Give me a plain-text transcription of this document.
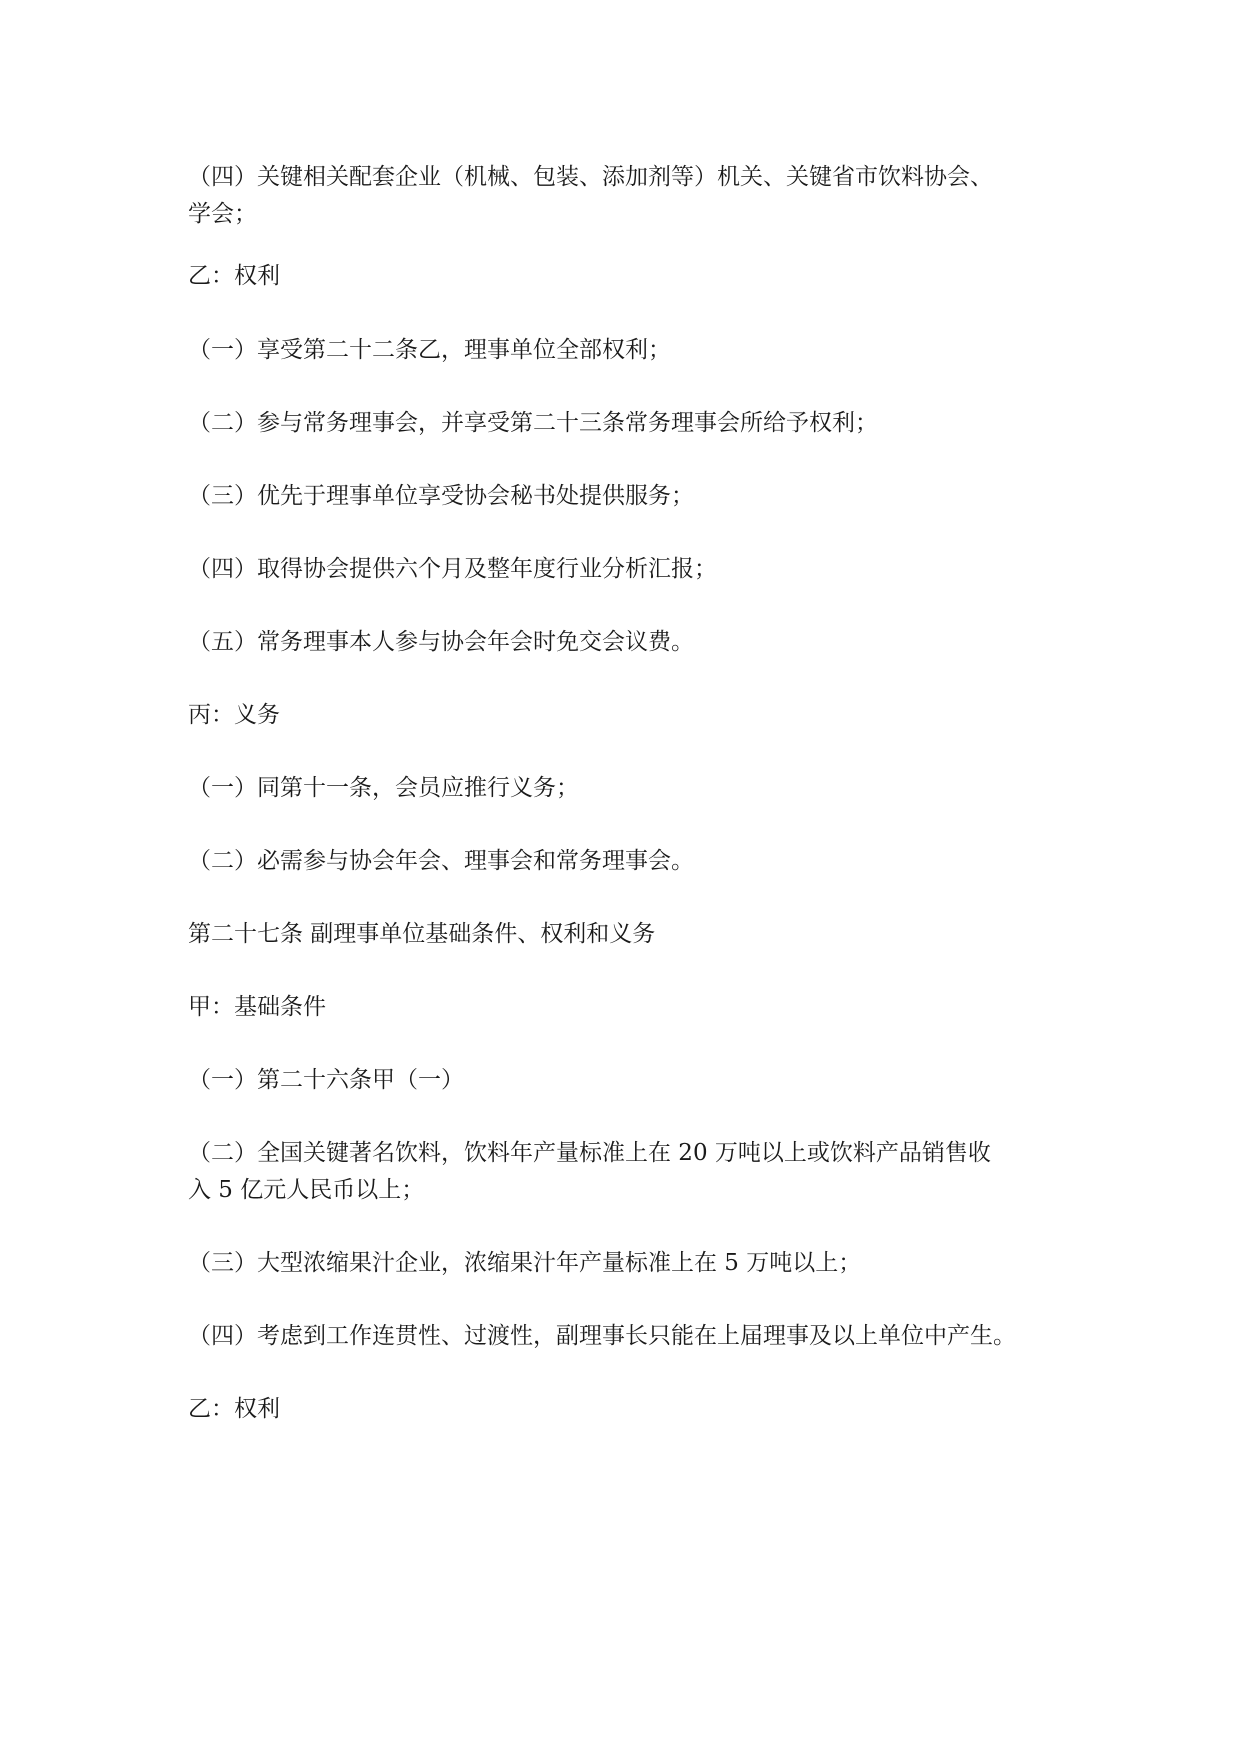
（四）关键相关配套企业（机械、包装、添加剂等）机关、关键省市饮料协会、
学会；
乙：权利
（一）享受第二十二条乙，理事单位全部权利；
（二）参与常务理事会，并享受第二十三条常务理事会所给予权利；
（三）优先于理事单位享受协会秘书处提供服务；
（四）取得协会提供六个月及整年度行业分析汇报；
（五）常务理事本人参与协会年会时免交会议费。
丙：义务
（一）同第十一条，会员应推行义务；
（二）必需参与协会年会、理事会和常务理事会。
第二十七条 副理事单位基础条件、权利和义务
甲：基础条件
（一）第二十六条甲（一）
（二）全国关键著名饮料，饮料年产量标准上在 20 万吨以上或饮料产品销售收
入 5 亿元人民币以上；
（三）大型浓缩果汁企业，浓缩果汁年产量标准上在 5 万吨以上；
（四）考虑到工作连贯性、过渡性，副理事长只能在上届理事及以上单位中产生。
乙：权利
